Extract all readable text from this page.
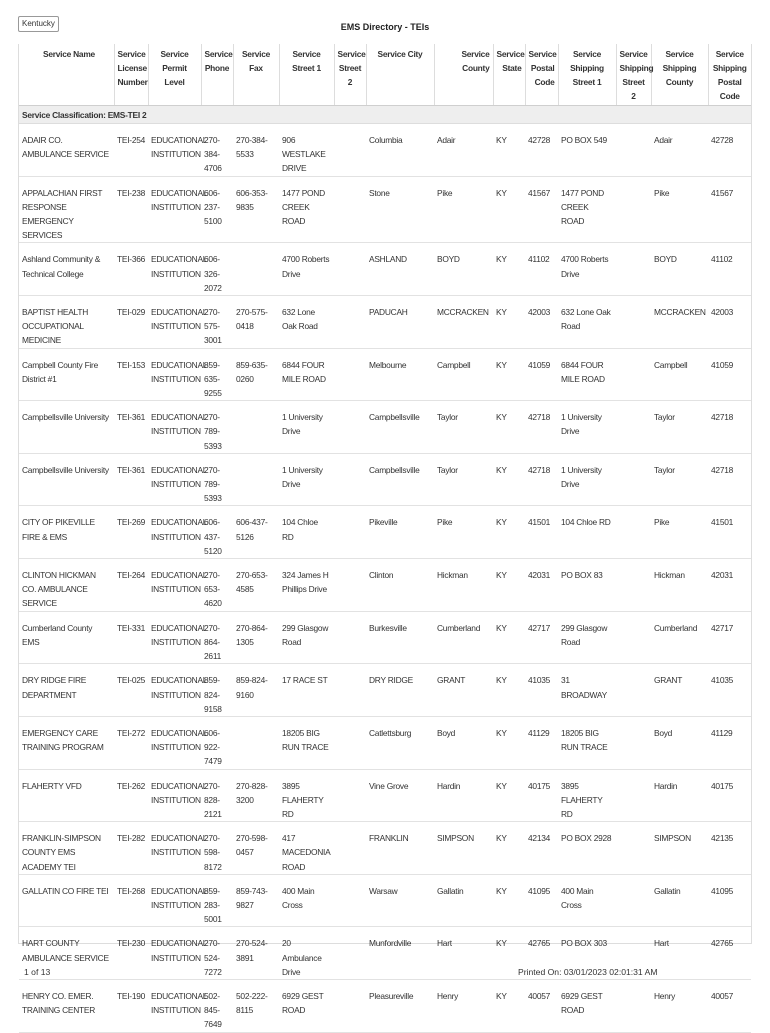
Kentucky	EMS Directory - TEIs
Service Name	Service License Number	Service Permit Level	Service Phone	Service Fax	Service Street 1	Service Street 2	Service City	Service County	Service State	Service Postal Code	Service Shipping Street 1	Service Shipping Street 2	Service Shipping County	Service Shipping Postal Code
Service Classification: EMS-TEI 2														
ADAIR CO. AMBULANCE SERVICE	TEI-254	EDUCATIONAL INSTITUTION	270-384-4706	270-384-5533	906 WESTLAKE DRIVE		Columbia	Adair	KY	42728	PO BOX 549		Adair	42728
APPALACHIAN FIRST RESPONSE EMERGENCY SERVICES	TEI-238	EDUCATIONAL INSTITUTION	606-237-5100	606-353-9835	1477 POND CREEK ROAD		Stone	Pike	KY	41567	1477 POND CREEK ROAD		Pike	41567
Ashland Community & Technical College	TEI-366	EDUCATIONAL INSTITUTION	606-326-2072		4700 Roberts Drive		ASHLAND	BOYD	KY	41102	4700 Roberts Drive		BOYD	41102
BAPTIST HEALTH OCCUPATIONAL MEDICINE	TEI-029	EDUCATIONAL INSTITUTION	270-575-3001	270-575-0418	632 Lone Oak Road		PADUCAH	MCCRACKEN	KY	42003	632 Lone Oak Road		MCCRACKEN	42003
Campbell County Fire District #1	TEI-153	EDUCATIONAL INSTITUTION	859-635-9255	859-635-0260	6844 FOUR MILE ROAD		Melbourne	Campbell	KY	41059	6844 FOUR MILE ROAD		Campbell	41059
Campbellsville University	TEI-361	EDUCATIONAL INSTITUTION	270-789-5393		1 University Drive		Campbellsville	Taylor	KY	42718	1 University Drive		Taylor	42718
Campbellsville University	TEI-361	EDUCATIONAL INSTITUTION	270-789-5393		1 University Drive		Campbellsville	Taylor	KY	42718	1 University Drive		Taylor	42718
CITY OF PIKEVILLE FIRE & EMS	TEI-269	EDUCATIONAL INSTITUTION	606-437-5120	606-437-5126	104 Chloe RD		Pikeville	Pike	KY	41501	104 Chloe RD		Pike	41501
CLINTON HICKMAN CO. AMBULANCE SERVICE	TEI-264	EDUCATIONAL INSTITUTION	270-653-4620	270-653-4585	324 James H Phillips Drive		Clinton	Hickman	KY	42031	PO BOX 83		Hickman	42031
Cumberland County EMS	TEI-331	EDUCATIONAL INSTITUTION	270-864-2611	270-864-1305	299 Glasgow Road		Burkesville	Cumberland	KY	42717	299 Glasgow Road		Cumberland	42717
DRY RIDGE FIRE DEPARTMENT	TEI-025	EDUCATIONAL INSTITUTION	859-824-9158	859-824-9160	17 RACE ST		DRY RIDGE	GRANT	KY	41035	31 BROADWAY		GRANT	41035
EMERGENCY CARE TRAINING PROGRAM	TEI-272	EDUCATIONAL INSTITUTION	606-922-7479		18205 BIG RUN TRACE		Catlettsburg	Boyd	KY	41129	18205 BIG RUN TRACE		Boyd	41129
FLAHERTY VFD	TEI-262	EDUCATIONAL INSTITUTION	270-828-2121	270-828-3200	3895 FLAHERTY RD		Vine Grove	Hardin	KY	40175	3895 FLAHERTY RD		Hardin	40175
FRANKLIN-SIMPSON COUNTY EMS ACADEMY TEI	TEI-282	EDUCATIONAL INSTITUTION	270-598-8172	270-598-0457	417 MACEDONIA ROAD		FRANKLIN	SIMPSON	KY	42134	PO BOX 2928		SIMPSON	42135
GALLATIN CO FIRE TEI	TEI-268	EDUCATIONAL INSTITUTION	859-283-5001	859-743-9827	400 Main Cross		Warsaw	Gallatin	KY	41095	400 Main Cross		Gallatin	41095
HART COUNTY AMBULANCE SERVICE	TEI-230	EDUCATIONAL INSTITUTION	270-524-7272	270-524-3891	20 Ambulance Drive		Munfordville	Hart	KY	42765	PO BOX 303		Hart	42765
HENRY CO. EMER. TRAINING CENTER	TEI-190	EDUCATIONAL INSTITUTION	502-845-7649	502-222-8115	6929 GEST ROAD		Pleasureville	Henry	KY	40057	6929 GEST ROAD		Henry	40057
1 of 13	Printed On: 03/01/2023 02:01:31 AM
